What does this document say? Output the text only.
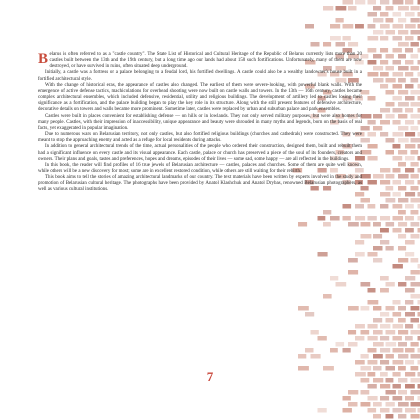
Belarus is often referred to as a "castle country". The State List of Historical and Cultural Heritage of the Republic of Belarus currently lists more than 20 castles built between the 13th and the 19th century, but a long time ago our lands had about 150 such fortifications. Unfortunately, many of them are now destroyed, or have survived in ruins, often situated deep underground.

Initially, a castle was a fortress or a palace belonging to a feudal lord, his fortified dwellings. A castle could also be a wealthy landowner's house built in a fortified architectural style.

With the change of historical eras, the appearance of castles also changed. The earliest of them were severe-looking, with powerful blank walls. With the emergence of active defense tactics, machicolations for overhead shooting were now built on castle walls and towers. In the 13th — 16th century, castles became complex architectural ensembles, which included defensive, residential, utility and religious buildings. The development of artillery led to castles losing their significance as a fortification, and the palace building began to play the key role in its structure. Along with the still present features of defensive architecture, decorative details on towers and walls became more prominent. Sometime later, castles were replaced by urban and suburban palace and park ensembles.

Castles were built in places convenient for establishing defense — on hills or in lowlands. They not only served military purposes, but were also homes for many people. Castles, with their impression of inaccessibility, unique appearance and beauty were shrouded in many myths and legends, born on the basis of real facts, yet exaggerated in popular imagination.

Due to numerous wars on Belarusian territory, not only castles, but also fortified religious buildings (churches and cathedrals) were constructed. They were meant to stop the approaching enemy and acted as a refuge for local residents during attacks.

In addition to general architectural trends of the time, actual personalities of the people who ordered their construction, designed them, built and rebuilt them had a significant influence on every castle and its visual appearance. Each castle, palace or church has preserved a piece of the soul of its founders, creators and owners. Their plans and goals, tastes and preferences, hopes and dreams, episodes of their lives — some sad, some happy — are all reflected in the buildings.

In this book, the reader will find profiles of 16 true jewels of Belarusian architecture — castles, palaces and churches. Some of them are quite well known, while others will be a new discovery for most; some are in excellent restored condition, while others are still waiting for their rebirth.

This book aims to tell the stories of amazing architectural landmarks of our country. The text materials have been written by experts involved in the study and promotion of Belarusian cultural heritage. The photographs have been provided by Anatol Klashchuk and Anatol Drybas, renowned Belarusian photographers, as well as various cultural institutions.

7
